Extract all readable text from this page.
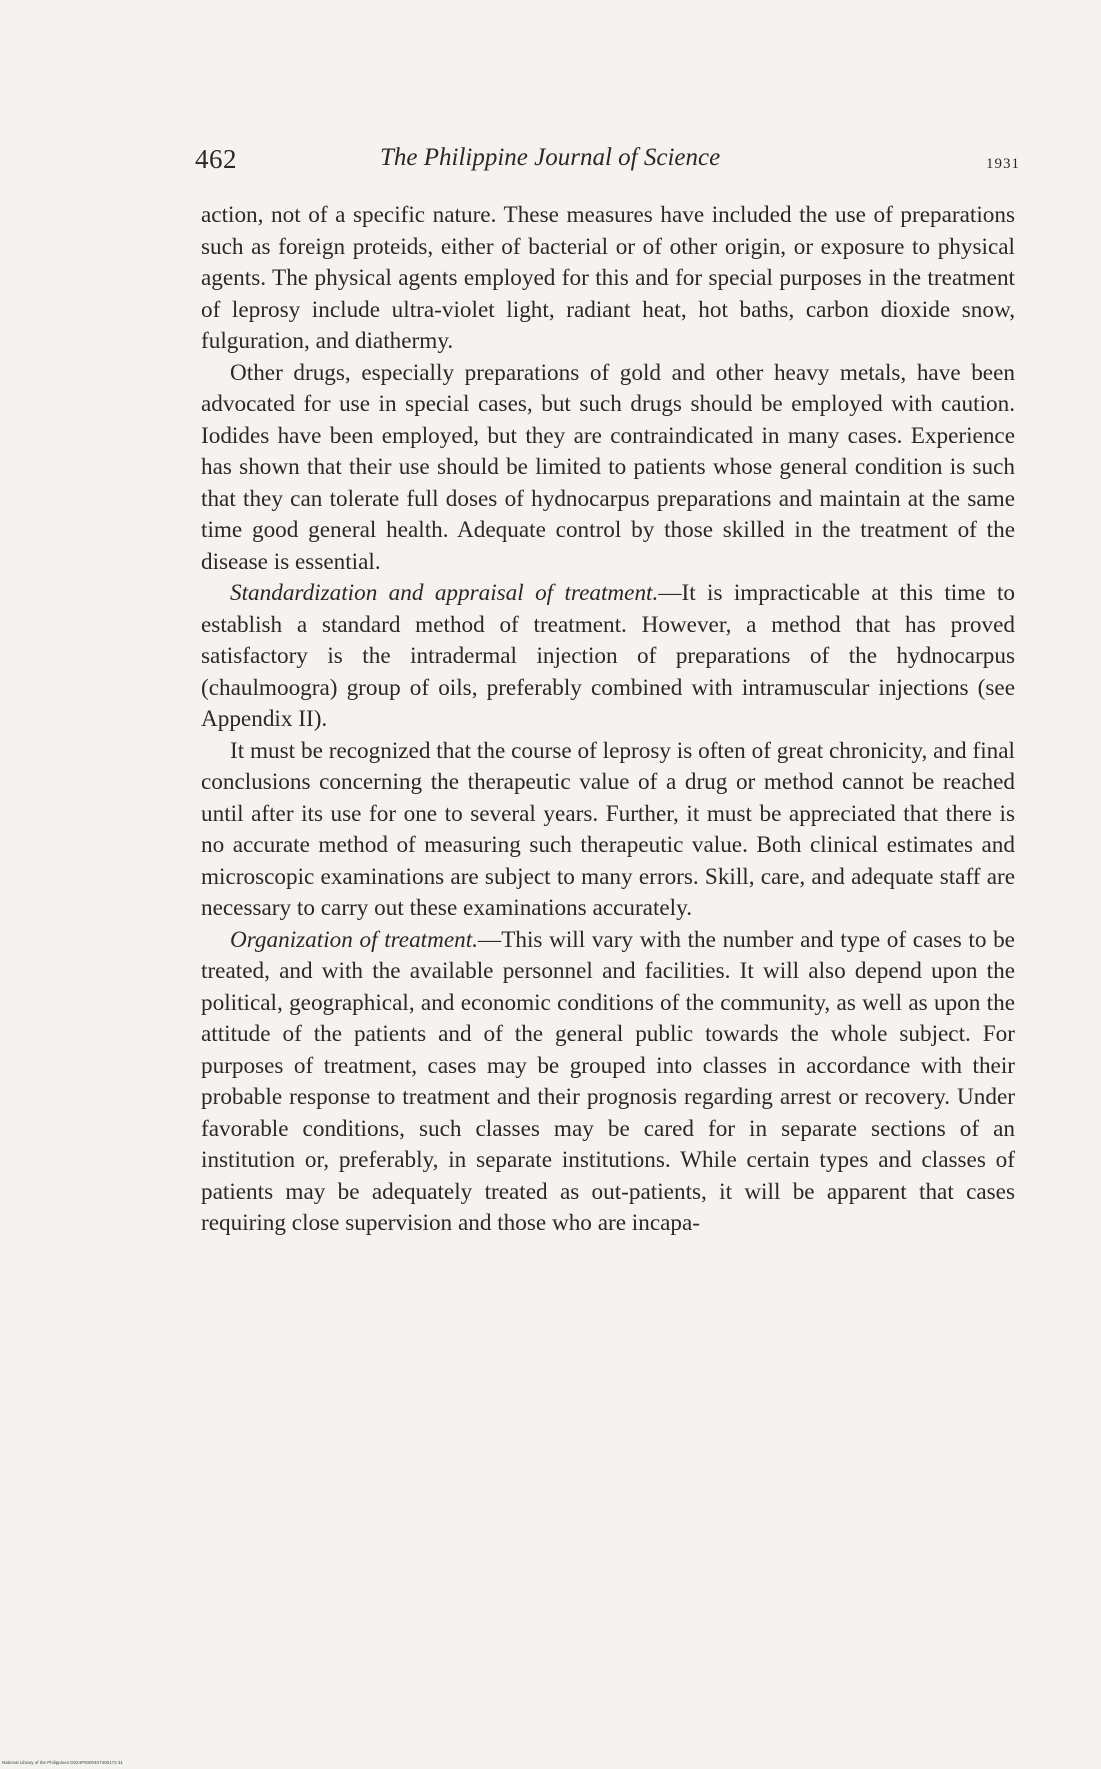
462	The Philippine Journal of Science	1931

action, not of a specific nature. These measures have included the use of preparations such as foreign proteids, either of bacterial or of other origin, or exposure to physical agents. The physical agents employed for this and for special purposes in the treatment of leprosy include ultra-violet light, radiant heat, hot baths, carbon dioxide snow, fulguration, and diathermy.

Other drugs, especially preparations of gold and other heavy metals, have been advocated for use in special cases, but such drugs should be employed with caution. Iodides have been employed, but they are contraindicated in many cases. Experience has shown that their use should be limited to patients whose general condition is such that they can tolerate full doses of hydnocarpus preparations and maintain at the same time good general health. Adequate control by those skilled in the treatment of the disease is essential.

Standardization and appraisal of treatment.—It is impracticable at this time to establish a standard method of treatment. However, a method that has proved satisfactory is the intradermal injection of preparations of the hydnocarpus (chaulmoogra) group of oils, preferably combined with intramuscular injections (see Appendix II).

It must be recognized that the course of leprosy is often of great chronicity, and final conclusions concerning the therapeutic value of a drug or method cannot be reached until after its use for one to several years. Further, it must be appreciated that there is no accurate method of measuring such therapeutic value. Both clinical estimates and microscopic examinations are subject to many errors. Skill, care, and adequate staff are necessary to carry out these examinations accurately.

Organization of treatment.—This will vary with the number and type of cases to be treated, and with the available personnel and facilities. It will also depend upon the political, geographical, and economic conditions of the community, as well as upon the attitude of the patients and of the general public towards the whole subject. For purposes of treatment, cases may be grouped into classes in accordance with their probable response to treatment and their prognosis regarding arrest or recovery. Under favorable conditions, such classes may be cared for in separate sections of an institution or, preferably, in separate institutions. While certain types and classes of patients may be adequately treated as out-patients, it will be apparent that cases requiring close supervision and those who are incapa-

National Library of the Philippines D024P0000407400173 31
